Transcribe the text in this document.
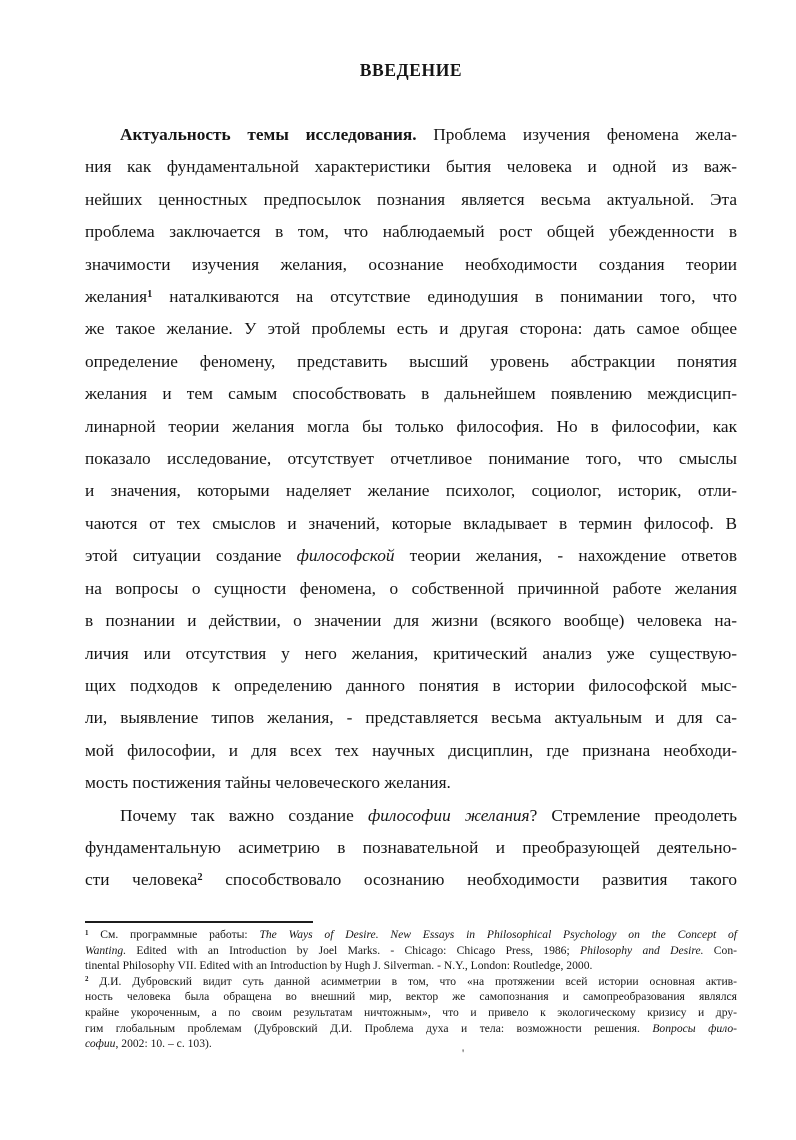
ВВЕДЕНИЕ
Актуальность темы исследования. Проблема изучения феномена жела-
ния как фундаментальной характеристики бытия человека и одной из важ-
нейших ценностных предпосылок познания является весьма актуальной. Эта
проблема заключается в том, что наблюдаемый рост общей убежденности в
значимости изучения желания, осознание необходимости создания теории
желания$^1$ наталкиваются на отсутствие единодушия в понимании того, что
же такое желание. У этой проблемы есть и другая сторона: дать самое общее
определение феномену, представить высший уровень абстракции понятия
желания и тем самым способствовать в дальнейшем появлению междисцип-
линарной теории желания могла бы только философия. Но в философии, как
показало исследование, отсутствует отчетливое понимание того, что смыслы
и значения, которыми наделяет желание психолог, социолог, историк, отли-
чаются от тех смыслов и значений, которые вкладывает в термин философ. В
этой ситуации создание философской теории желания, - нахождение ответов
на вопросы о сущности феномена, о собственной причинной работе желания
в познании и действии, о значении для жизни (всякого вообще) человека на-
личия или отсутствия у него желания, критический анализ уже существую-
щих подходов к определению данного понятия в истории философской мыс-
ли, выявление типов желания, - представляется весьма актуальным и для са-
мой философии, и для всех тех научных дисциплин, где признана необходи-
мость постижения тайны человеческого желания.
Почему так важно создание философии желания? Стремление преодолеть
фундаментальную асиметрию в познавательной и преобразующей деятельно-
сти человека$^2$ способствовало осознанию необходимости развития такого
$^1$ См. программные работы: The Ways of Desire. New Essays in Philosophical Psychology on the Concept of
Wanting. Edited with an Introduction by Joel Marks. - Chicago: Chicago Press, 1986; Philosophy and Desire. Con-
tinental Philosophy VII. Edited with an Introduction by Hugh J. Silverman. - N.Y., London: Routledge, 2000.
$^2$ Д.И. Дубровский видит суть данной асимметрии в том, что «на протяжении всей истории основная актив-
ность человека была обращена во внешний мир, вектор же самопознания и самопреобразования являлся
крайне укороченным, а по своим результатам ничтожным», что и привело к экологическому кризису и дру-
гим глобальным проблемам (Дубровский Д.И. Проблема духа и тела: возможности решения. Вопросы фило-
софии, 2002: 10. – с. 103).
'
